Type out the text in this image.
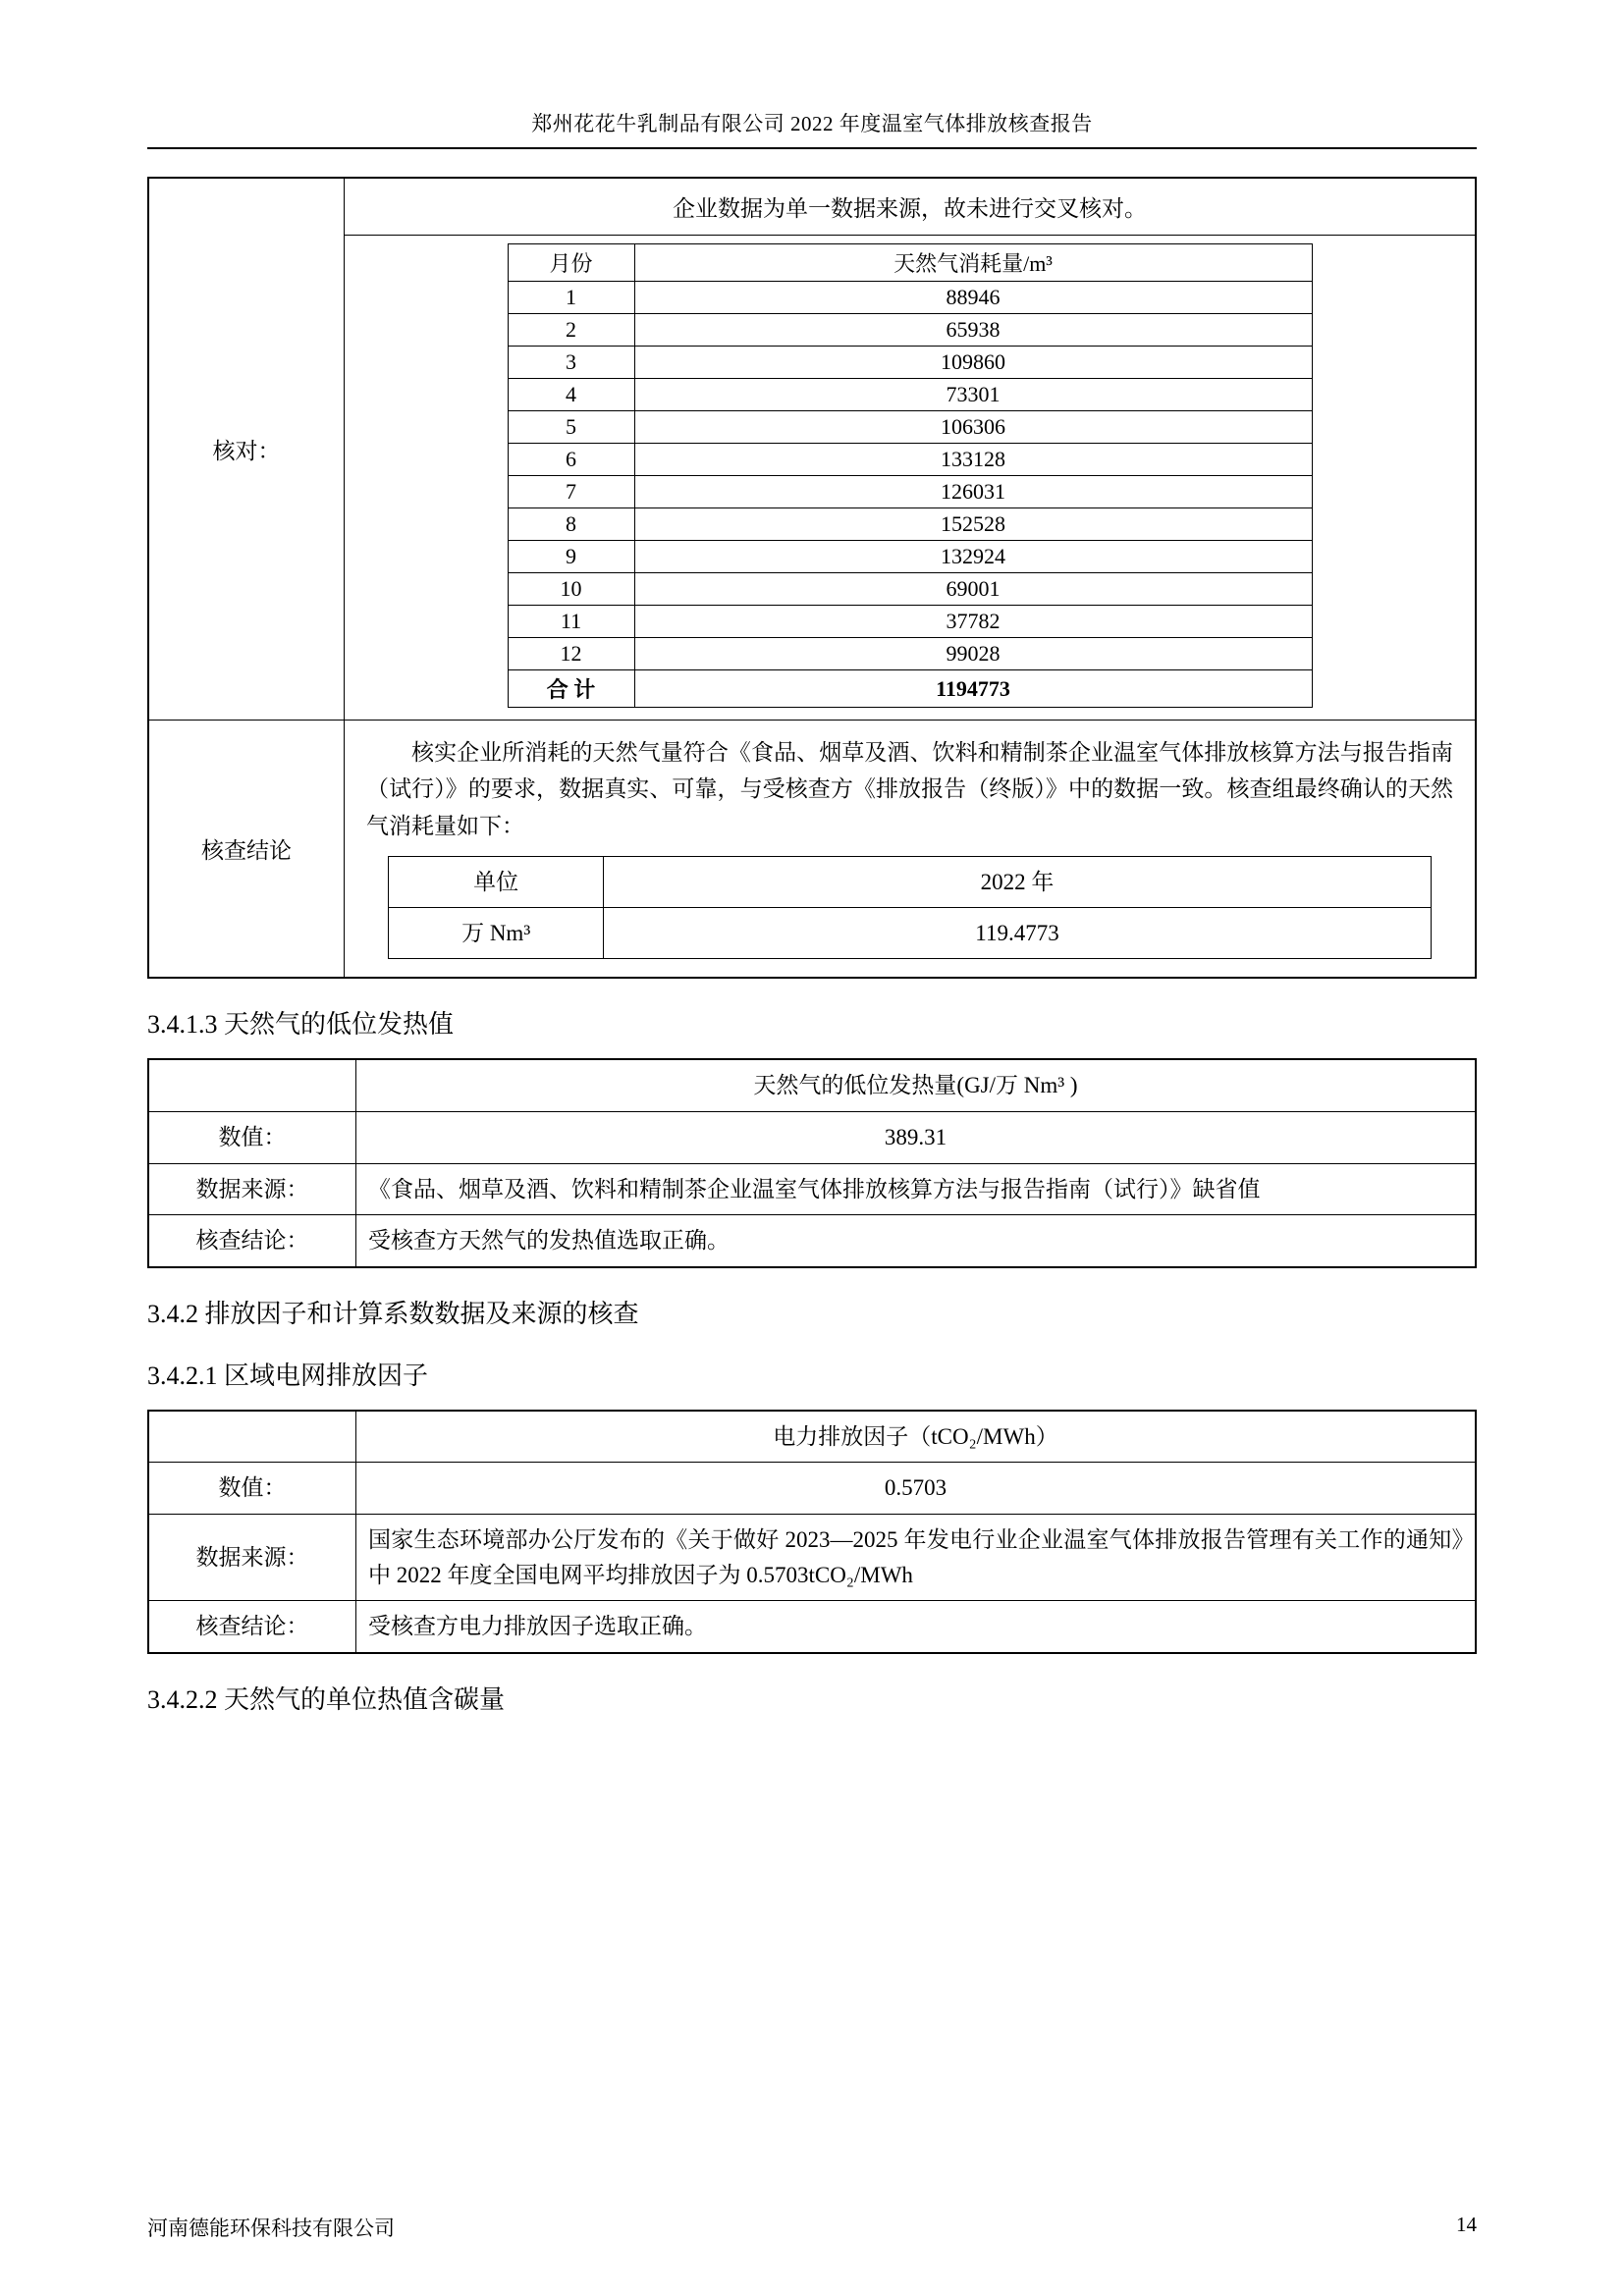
郑州花花牛乳制品有限公司 2022 年度温室气体排放核查报告
核对：	
企业数据为单一数据来源，故未进行交叉核对。
月份	天然气消耗量/m³
1	88946
2	65938
3	109860
4	73301
5	106306
6	133128
7	126031
8	152528
9	132924
10	69001
11	37782
12	99028
合 计	1194773

核查结论	

核实企业所消耗的天然气量符合《食品、烟草及酒、饮料和精制茶企业温室气体排放核算方法与报告指南（试行）》的要求，数据真实、可靠，与受核查方《排放报告（终版）》中的数据一致。核查组最终确认的天然气消耗量如下：

单位	2022 年
万 Nm³	119.4773
3.4.1.3 天然气的低位发热值
	天然气的低位发热量(GJ/万 Nm³ )
数值：	389.31
数据来源：	《食品、烟草及酒、饮料和精制茶企业温室气体排放核算方法与报告指南（试行）》缺省值
核查结论：	受核查方天然气的发热值选取正确。
3.4.2 排放因子和计算系数数据及来源的核查
3.4.2.1 区域电网排放因子
	电力排放因子（tCO₂/MWh）
数值：	0.5703
数据来源：	国家生态环境部办公厅发布的《关于做好 2023—2025 年发电行业企业温室气体排放报告管理有关工作的通知》中 2022 年度全国电网平均排放因子为 0.5703tCO₂/MWh
核查结论：	受核查方电力排放因子选取正确。
3.4.2.2 天然气的单位热值含碳量
河南德能环保科技有限公司	14
